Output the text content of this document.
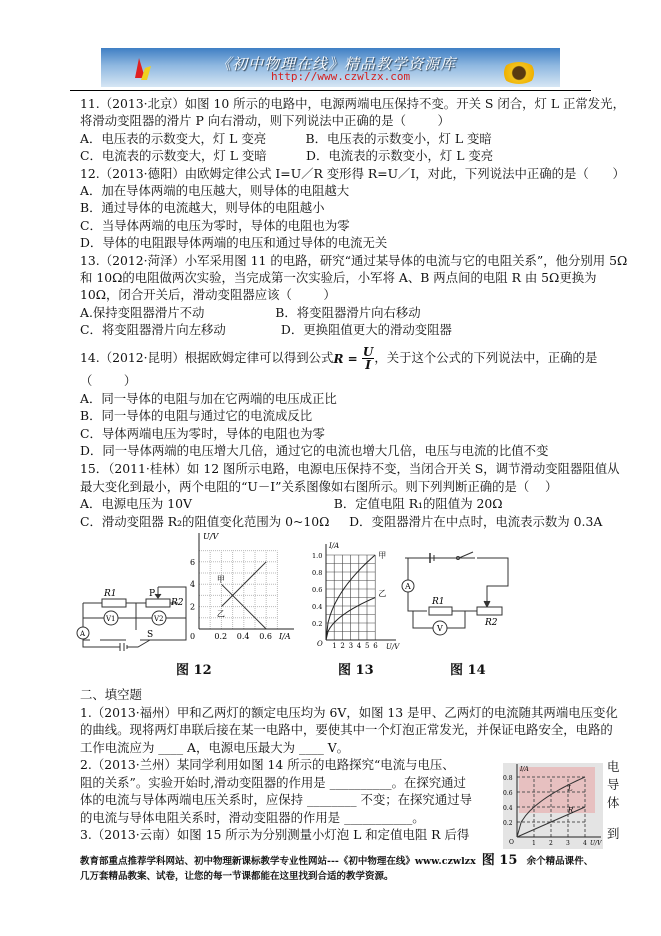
《初中物理在线》精品教学资源库
http://www.czwlzx.com
11.（2013·北京）如图 10 所示的电路中，电源两端电压保持不变。开关 S 闭合，灯 L 正常发光，
将滑动变阻器的滑片 P 向右滑动，则下列说法中正确的是（        ）
A．电压表的示数变大，灯 L 变亮          B．电压表的示数变小，灯 L 变暗
C．电流表的示数变大，灯 L 变暗          D．电流表的示数变小，灯 L 变亮
12.（2013·德阳）由欧姆定律公式 I=U／R 变形得 R=U／I，对此，下列说法中正确的是（      ）
A．加在导体两端的电压越大，则导体的电阻越大
B．通过导体的电流越大，则导体的电阻越小
C．当导体两端的电压为零时，导体的电阻也为零
D．导体的电阻跟导体两端的电压和通过导体的电流无关
13.（2012·菏泽）小军采用图 11 的电路，研究“通过某导体的电流与它的电阻关系”，他分别用 5Ω
和 10Ω的电阻做两次实验，当完成第一次实验后，小军将 A、B 两点间的电阻 R 由 5Ω更换为
10Ω，闭合开关后，滑动变阻器应该（        ）
A.保持变阻器滑片不动                  B．将变阻器滑片向右移动
C．将变阻器滑片向左移动              D．更换阻值更大的滑动变阻器
14.（2012·昆明）根据欧姆定律可以得到公式$R = \frac{U}{I}$ ，关于这个公式的下列说法中，正确的是
（        ）
A．同一导体的电阻与加在它两端的电压成正比
B．同一导体的电阻与通过它的电流成反比
C．导体两端电压为零时，导体的电阻也为零
D．同一导体两端的电压增大几倍，通过它的电流也增大几倍，电压与电流的比值不变
15．（2011·桂林）如 12 图所示电路，电源电压保持不变，当闭合开关 S，调节滑动变阻器阻值从
最大变化到最小，两个电阻的“U－I”关系图像如右图所示。则下列判断正确的是（    ）
A．电源电压为 10V                                    B．定值电阻 R₁的阻值为 20Ω
C．滑动变阻器 R₂的阻值变化范围为 0~10Ω     D．变阻器滑片在中点时，电流表示数为 0.3A
R1
R2
P
V1	V2
A	S
2
4
6
0.2 0.4 0.6
0
U/V
I/A
甲
乙
图 12
0.2
0.4
0.6
0.8
1.0
1 2 3 4 5 6
O
I/A
U/V
甲
乙
图 13
A
V
R1
R2
图 14
二、填空题
1.（2013·福州）甲和乙两灯的额定电压均为 6V，如图 13 是甲、乙两灯的电流随其两端电压变化
的曲线。现将两灯串联后接在某一电路中，要使其中一个灯泡正常发光，并保证电路安全，电路的
工作电流应为 ____ A，电源电压最大为 ____ V。
2.（2013·兰州）某同学利用如图 14 所示的电路探究“电流与电压、
阻的关系”。实验开始时,滑动变阻器的作用是 __________。在探究通过
体的电流与导体两端电压关系时，应保持 ________ 不变；在探究通过导
的电流与导体电阻关系时，滑动变阻器的作用是 ___________。
3.（2013·云南）如图 15 所示为分别测量小灯泡 L 和定值电阻 R 后得
电
导
体
到
0.2
0.4
0.6
0.8
1 2 3 4
O
I/A
U/V
L
R
教育部重点推荐学科网站、初中物理新课标教学专业性网站---《初中物理在线》www.czwlzx 图 15 余个精品课件、几万套精品教案、试卷，让您的每一节课都能在这里找到合适的教学资源。
